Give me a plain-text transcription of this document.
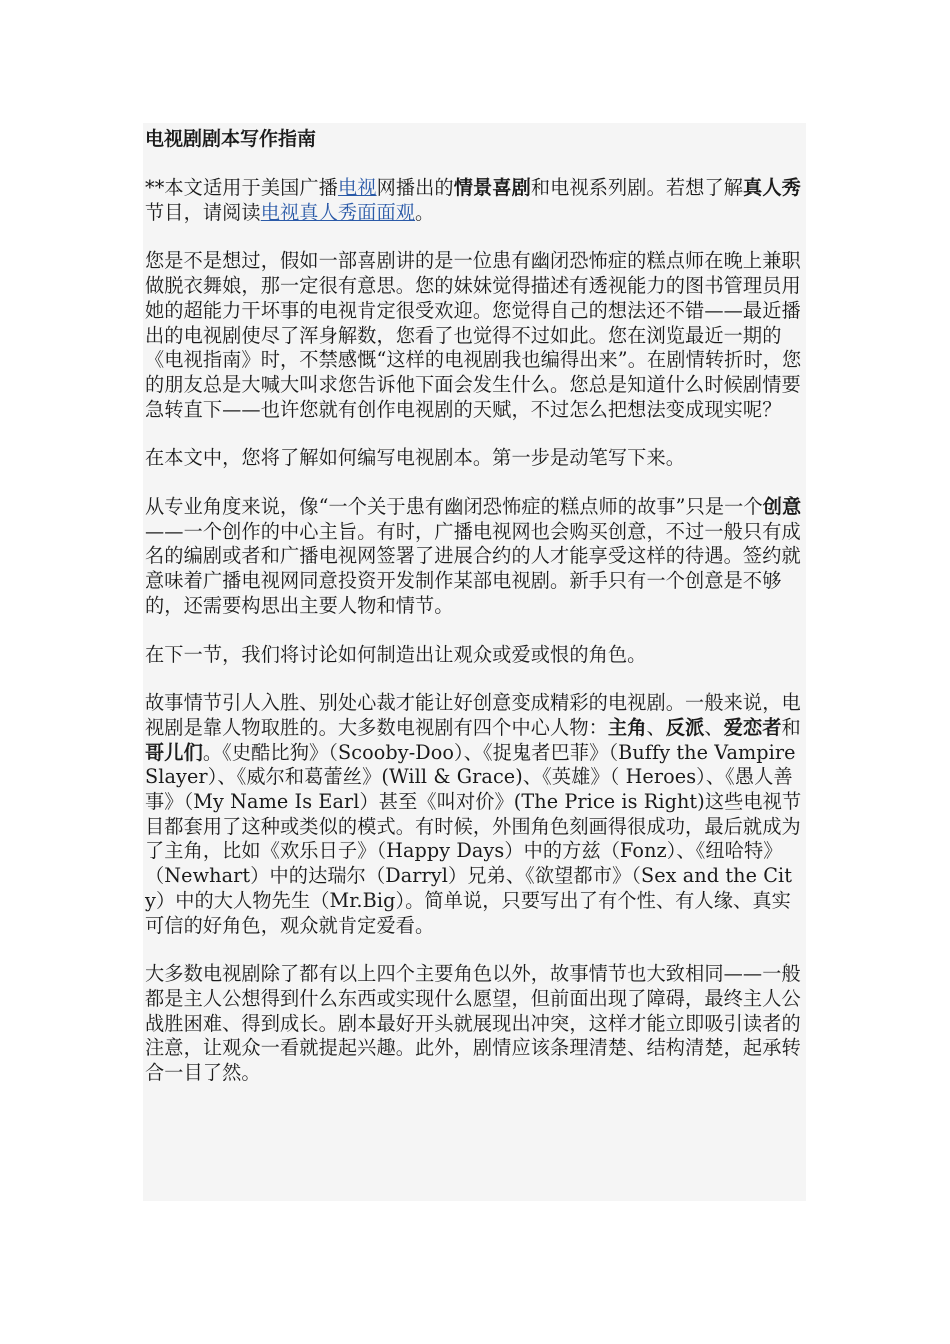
电视剧剧本写作指南

**本文适用于美国广播电视网播出的情景喜剧和电视系列剧。若想了解真人秀节目，请阅读电视真人秀面面观。

您是不是想过，假如一部喜剧讲的是一位患有幽闭恐怖症的糕点师在晚上兼职做脱衣舞娘，那一定很有意思。您的妹妹觉得描述有透视能力的图书管理员用她的超能力干坏事的电视肯定很受欢迎。您觉得自己的想法还不错——最近播出的电视剧使尽了浑身解数，您看了也觉得不过如此。您在浏览最近一期的《电视指南》时，不禁感慨“这样的电视剧我也编得出来”。在剧情转折时，您的朋友总是大喊大叫求您告诉他下面会发生什么。您总是知道什么时候剧情要急转直下——也许您就有创作电视剧的天赋，不过怎么把想法变成现实呢？

在本文中，您将了解如何编写电视剧本。第一步是动笔写下来。

从专业角度来说，像“一个关于患有幽闭恐怖症的糕点师的故事”只是一个创意——一个创作的中心主旨。有时，广播电视网也会购买创意，不过一般只有成名的编剧或者和广播电视网签署了进展合约的人才能享受这样的待遇。签约就意味着广播电视网同意投资开发制作某部电视剧。新手只有一个创意是不够的，还需要构思出主要人物和情节。

在下一节，我们将讨论如何制造出让观众或爱或恨的角色。

故事情节引人入胜、别处心裁才能让好创意变成精彩的电视剧。一般来说，电视剧是靠人物取胜的。大多数电视剧有四个中心人物：主角、反派、爱恋者和哥儿们。《史酷比狗》（Scooby-Doo）、《捉鬼者巴菲》（Buffy the Vampire Slayer）、《威尔和葛蕾丝》(Will & Grace)、《英雄》（ Heroes）、《愚人善事》（My Name Is Earl）甚至《叫对价》(The Price is Right)这些电视节目都套用了这种或类似的模式。有时候，外围角色刻画得很成功，最后就成为了主角，比如《欢乐日子》（Happy Days）中的方兹（Fonz）、《纽哈特》（Newhart）中的达瑞尔（Darryl）兄弟、《欲望都市》（Sex and the City）中的大人物先生（Mr.Big）。简单说，只要写出了有个性、有人缘、真实可信的好角色，观众就肯定爱看。

大多数电视剧除了都有以上四个主要角色以外，故事情节也大致相同——一般都是主人公想得到什么东西或实现什么愿望，但前面出现了障碍，最终主人公战胜困难、得到成长。剧本最好开头就展现出冲突，这样才能立即吸引读者的注意，让观众一看就提起兴趣。此外，剧情应该条理清楚、结构清楚，起承转合一目了然。
